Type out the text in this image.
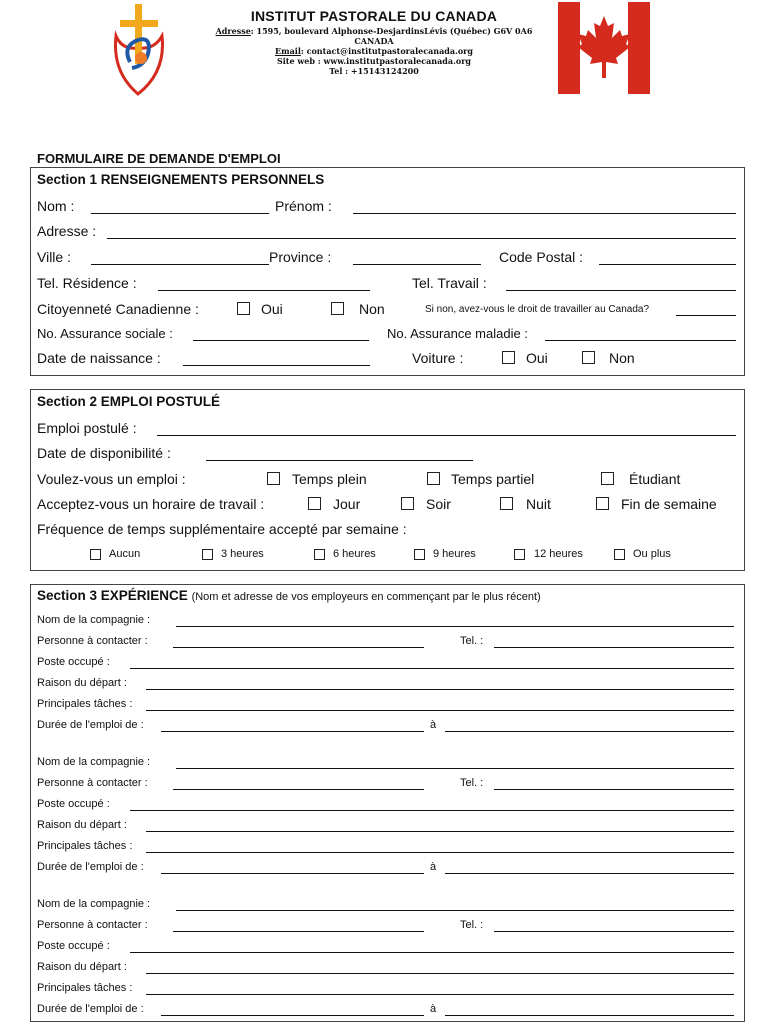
INSTITUT PASTORALE DU CANADA
Adresse: 1595, boulevard Alphonse-DesjardinsLévis (Québec) G6V 0A6 CANADA
Email: contact@institutpastoralecanada.org
Site web : www.institutpastoralecanada.org
Tel : +15143124200
FORMULAIRE DE DEMANDE D'EMPLOI
Section 1 RENSEIGNEMENTS PERSONNELS
Nom :	Prénom :
Adresse :
Ville :	Province :	Code Postal :
Tel. Résidence :	Tel. Travail :
Citoyenneté Canadienne :	Oui	Non	Si non, avez-vous le droit de travailler au Canada?
No. Assurance sociale :	No. Assurance maladie :
Date de naissance :	Voiture :	Oui	Non
Section 2 EMPLOI POSTULÉ
Emploi postulé :
Date de disponibilité :
Voulez-vous un emploi :	Temps plein	Temps partiel	Étudiant
Acceptez-vous un horaire de travail :	Jour	Soir	Nuit	Fin de semaine
Fréquence de temps supplémentaire accepté par semaine :
Aucun	3 heures	6 heures	9 heures	12 heures	Ou plus
Section 3 EXPÉRIENCE (Nom et adresse de vos employeurs en commençant par le plus récent)
Nom de la compagnie :
Personne à contacter :	Tel. :
Poste occupé :
Raison du départ :
Principales tâches :
Durée de l'emploi de :	à
Nom de la compagnie :
Personne à contacter :	Tel. :
Poste occupé :
Raison du départ :
Principales tâches :
Durée de l'emploi de :	à
Nom de la compagnie :
Personne à contacter :	Tel. :
Poste occupé :
Raison du départ :
Principales tâches :
Durée de l'emploi de :	à
